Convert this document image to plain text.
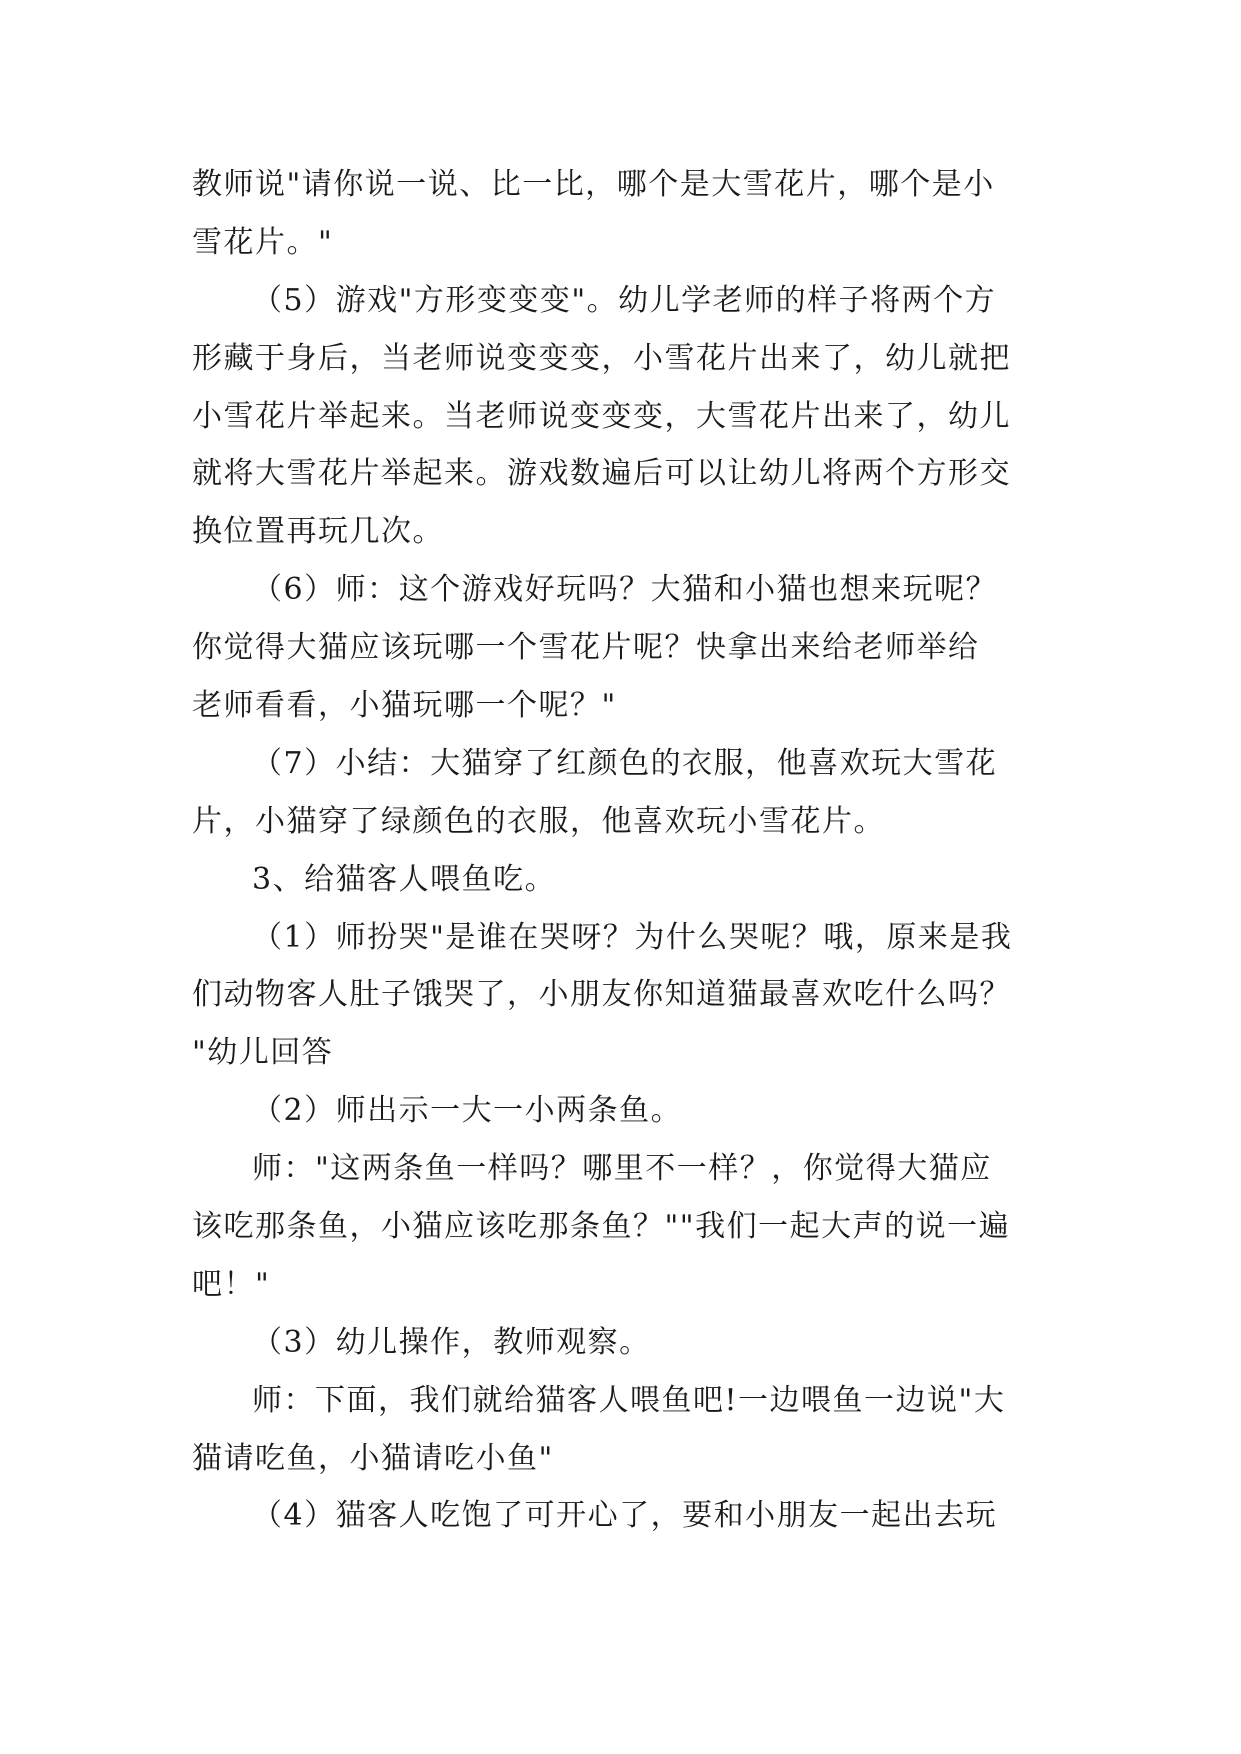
教师说"请你说一说、比一比，哪个是大雪花片，哪个是小

雪花片。"

（5）游戏"方形变变变"。幼儿学老师的样子将两个方

形藏于身后，当老师说变变变，小雪花片出来了，幼儿就把

小雪花片举起来。当老师说变变变，大雪花片出来了，幼儿

就将大雪花片举起来。游戏数遍后可以让幼儿将两个方形交

换位置再玩几次。

（6）师：这个游戏好玩吗？大猫和小猫也想来玩呢？

你觉得大猫应该玩哪一个雪花片呢？快拿出来给老师举给

老师看看，小猫玩哪一个呢？"

（7）小结：大猫穿了红颜色的衣服，他喜欢玩大雪花

片，小猫穿了绿颜色的衣服，他喜欢玩小雪花片。

3、给猫客人喂鱼吃。

（1）师扮哭"是谁在哭呀？为什么哭呢？哦，原来是我

们动物客人肚子饿哭了，小朋友你知道猫最喜欢吃什么吗？

"幼儿回答

（2）师出示一大一小两条鱼。

师："这两条鱼一样吗？哪里不一样？，你觉得大猫应

该吃那条鱼，小猫应该吃那条鱼？""我们一起大声的说一遍

吧！"

（3）幼儿操作，教师观察。

师：下面，我们就给猫客人喂鱼吧!一边喂鱼一边说"大

猫请吃鱼，小猫请吃小鱼"

（4）猫客人吃饱了可开心了，要和小朋友一起出去玩
